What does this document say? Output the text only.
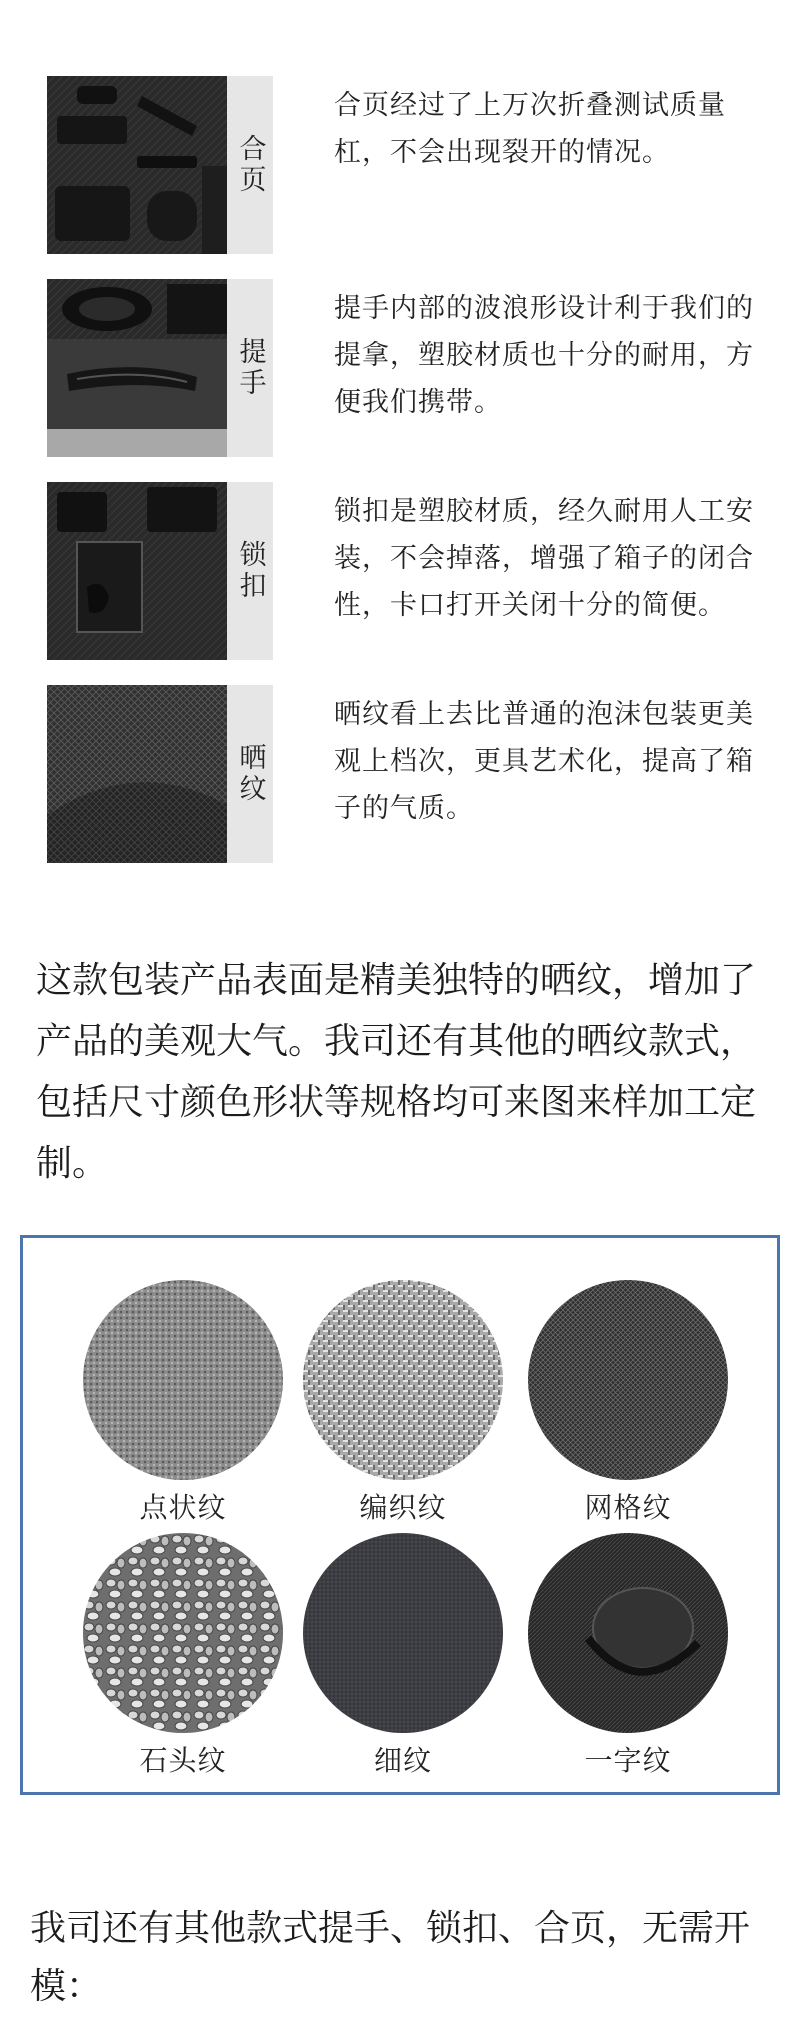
合页
合页经过了上万次折叠测试质量杠，不会出现裂开的情况。
提手
提手内部的波浪形设计利于我们的提拿，塑胶材质也十分的耐用，方便我们携带。
锁扣
锁扣是塑胶材质，经久耐用人工安装，不会掉落，增强了箱子的闭合性，卡口打开关闭十分的简便。
晒纹
晒纹看上去比普通的泡沫包装更美观上档次，更具艺术化，提高了箱子的气质。
这款包装产品表面是精美独特的晒纹，增加了产品的美观大气。我司还有其他的晒纹款式，包括尺寸颜色形状等规格均可来图来样加工定制。
点状纹	编织纹	网格纹
石头纹	细纹	一字纹
我司还有其他款式提手、锁扣、合页，无需开模：
